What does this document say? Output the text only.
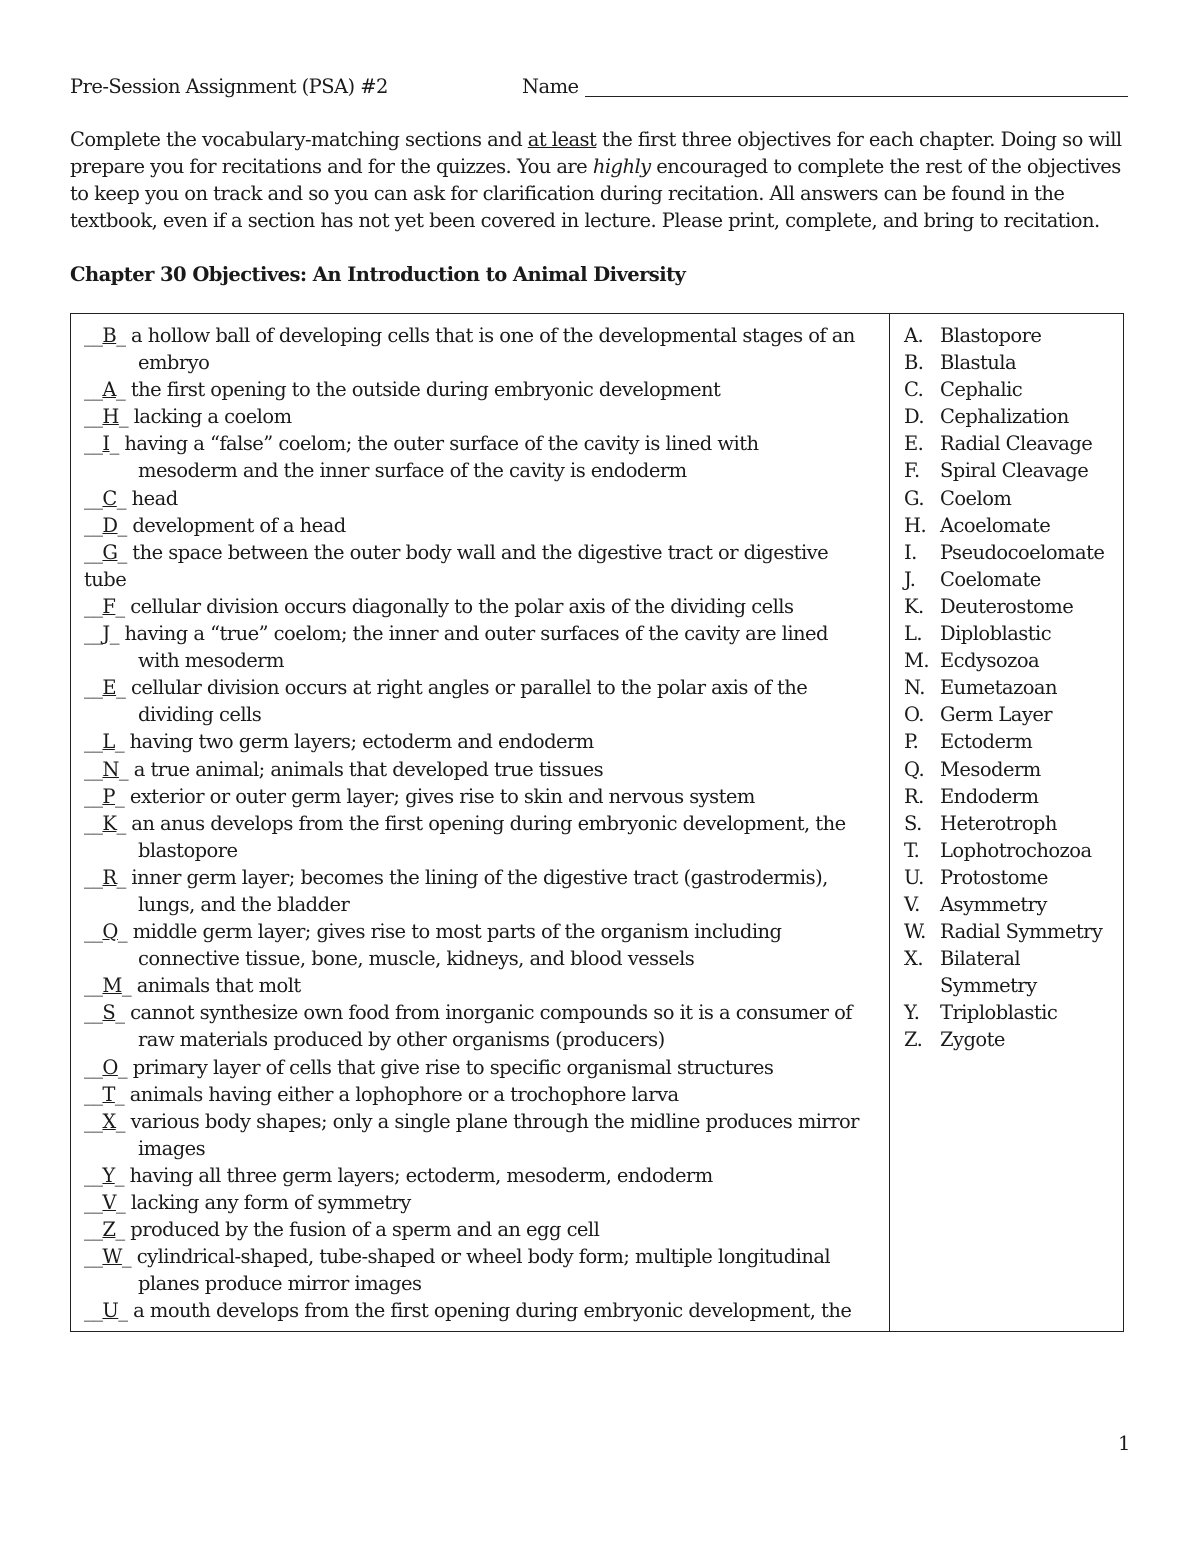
Pre-Session Assignment (PSA) #2	Name
Complete the vocabulary-matching sections and at least the first three objectives for each chapter. Doing so will prepare you for recitations and for the quizzes. You are highly encouraged to complete the rest of the objectives to keep you on track and so you can ask for clarification during recitation. All answers can be found in the textbook, even if a section has not yet been covered in lecture. Please print, complete, and bring to recitation.
Chapter 30 Objectives: An Introduction to Animal Diversity
__B_ a hollow ball of developing cells that is one of the developmental stages of an
embryo
__A_ the first opening to the outside during embryonic development
__H_ lacking a coelom
__I_ having a “false” coelom; the outer surface of the cavity is lined with
mesoderm and the inner surface of the cavity is endoderm
__C_ head
__D_ development of a head
__G_ the space between the outer body wall and the digestive tract or digestive
tube
__F_ cellular division occurs diagonally to the polar axis of the dividing cells
__J_ having a “true” coelom; the inner and outer surfaces of the cavity are lined
with mesoderm
__E_ cellular division occurs at right angles or parallel to the polar axis of the
dividing cells
__L_ having two germ layers; ectoderm and endoderm
__N_ a true animal; animals that developed true tissues
__P_ exterior or outer germ layer; gives rise to skin and nervous system
__K_ an anus develops from the first opening during embryonic development, the
blastopore
__R_ inner germ layer; becomes the lining of the digestive tract (gastrodermis),
lungs, and the bladder
__Q_ middle germ layer; gives rise to most parts of the organism including
connective tissue, bone, muscle, kidneys, and blood vessels
__M_ animals that molt
__S_ cannot synthesize own food from inorganic compounds so it is a consumer of
raw materials produced by other organisms (producers)
__O_ primary layer of cells that give rise to specific organismal structures
__T_ animals having either a lophophore or a trochophore larva
__X_ various body shapes; only a single plane through the midline produces mirror
images
__Y_ having all three germ layers; ectoderm, mesoderm, endoderm
__V_ lacking any form of symmetry
__Z_ produced by the fusion of a sperm and an egg cell
__W_ cylindrical-shaped, tube-shaped or wheel body form; multiple longitudinal
planes produce mirror images
__U_ a mouth develops from the first opening during embryonic development, the
A. Blastopore
B. Blastula
C. Cephalic
D. Cephalization
E. Radial Cleavage
F. Spiral Cleavage
G. Coelom
H. Acoelomate
I. Pseudocoelomate
J. Coelomate
K. Deuterostome
L. Diploblastic
M. Ecdysozoa
N. Eumetazoan
O. Germ Layer
P. Ectoderm
Q. Mesoderm
R. Endoderm
S. Heterotroph
T. Lophotrochozoa
U. Protostome
V. Asymmetry
W. Radial Symmetry
X. Bilateral Symmetry
Y. Triploblastic
Z. Zygote
1
